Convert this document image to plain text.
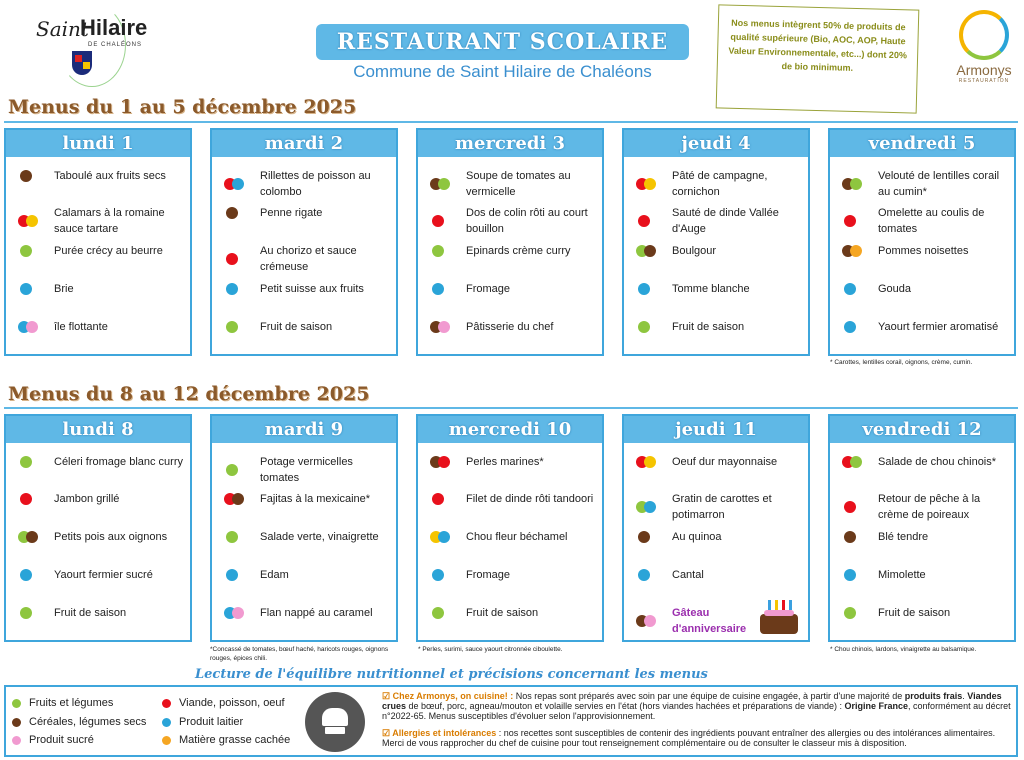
Saint
Hilaire
DE CHALÉONS	RESTAURANT SCOLAIRE
Commune de Saint Hilaire de Chaléons
Nos menus intègrent 50% de produits de qualité supérieure (Bio, AOC, AOP, Haute Valeur Environnementale, etc...) dont 20% de bio minimum.	Armonys
RESTAURATION
Menus du 1 au 5 décembre 2025
lundi 1
Taboulé aux fruits secs
Calamars à la romaine sauce tartare
Purée crécy au beurre
Brie
île flottante
mardi 2
Rillettes de poisson au colombo
Penne rigate
Au chorizo et sauce crémeuse
Petit suisse aux fruits
Fruit de saison
mercredi 3
Soupe de tomates au vermicelle
Dos de colin rôti au court bouillon
Epinards crème curry
Fromage
Pâtisserie du chef
jeudi 4
Pâté de campagne, cornichon
Sauté de dinde Vallée d'Auge
Boulgour
Tomme blanche
Fruit de saison
vendredi 5
Velouté de lentilles corail au cumin*
Omelette au coulis de tomates
Pommes noisettes
Gouda
Yaourt fermier aromatisé
* Carottes, lentilles corail, oignons, crème, cumin.
Menus du 8 au 12 décembre 2025
lundi 8
Céleri fromage blanc curry
Jambon grillé
Petits pois aux oignons
Yaourt fermier sucré
Fruit de saison
mardi 9
Potage vermicelles tomates
Fajitas à la mexicaine*
Salade verte, vinaigrette
Edam
Flan nappé au caramel
mercredi 10
Perles marines*
Filet de dinde rôti tandoori
Chou fleur béchamel
Fromage
Fruit de saison
jeudi 11
Oeuf dur mayonnaise
Gratin de carottes et potimarron
Au quinoa
Cantal
Gâteau d'anniversaire
vendredi 12
Salade de chou chinois*
Retour de pêche à la crème de poireaux
Blé tendre
Mimolette
Fruit de saison
*Concassé de tomates, bœuf haché, haricots rouges, oignons rouges, épices chili.
* Perles, surimi, sauce yaourt citronnée ciboulette.	* Chou chinois, lardons, vinaigrette au balsamique.
Lecture de l'équilibre nutritionnel et précisions concernant les menus
Fruits et légumes
Céréales, légumes secs
Produit sucré
Viande, poisson, oeuf
Produit laitier
Matière grasse cachée
☑ Chez Armonys, on cuisine! : Nos repas sont préparés avec soin par une équipe de cuisine engagée, à partir d'une majorité de produits frais. Viandes crues de bœuf, porc, agneau/mouton et volaille servies en l'état (hors viandes hachées et préparations de viande) : Origine France, conformément au décret n°2022-65. Menus susceptibles d'évoluer selon l'approvisionnement.
☑ Allergies et intolérances : nos recettes sont susceptibles de contenir des ingrédients pouvant entraîner des allergies ou des intolérances alimentaires. Merci de vous rapprocher du chef de cuisine pour tout renseignement complémentaire ou de consulter le classeur mis à disposition.
